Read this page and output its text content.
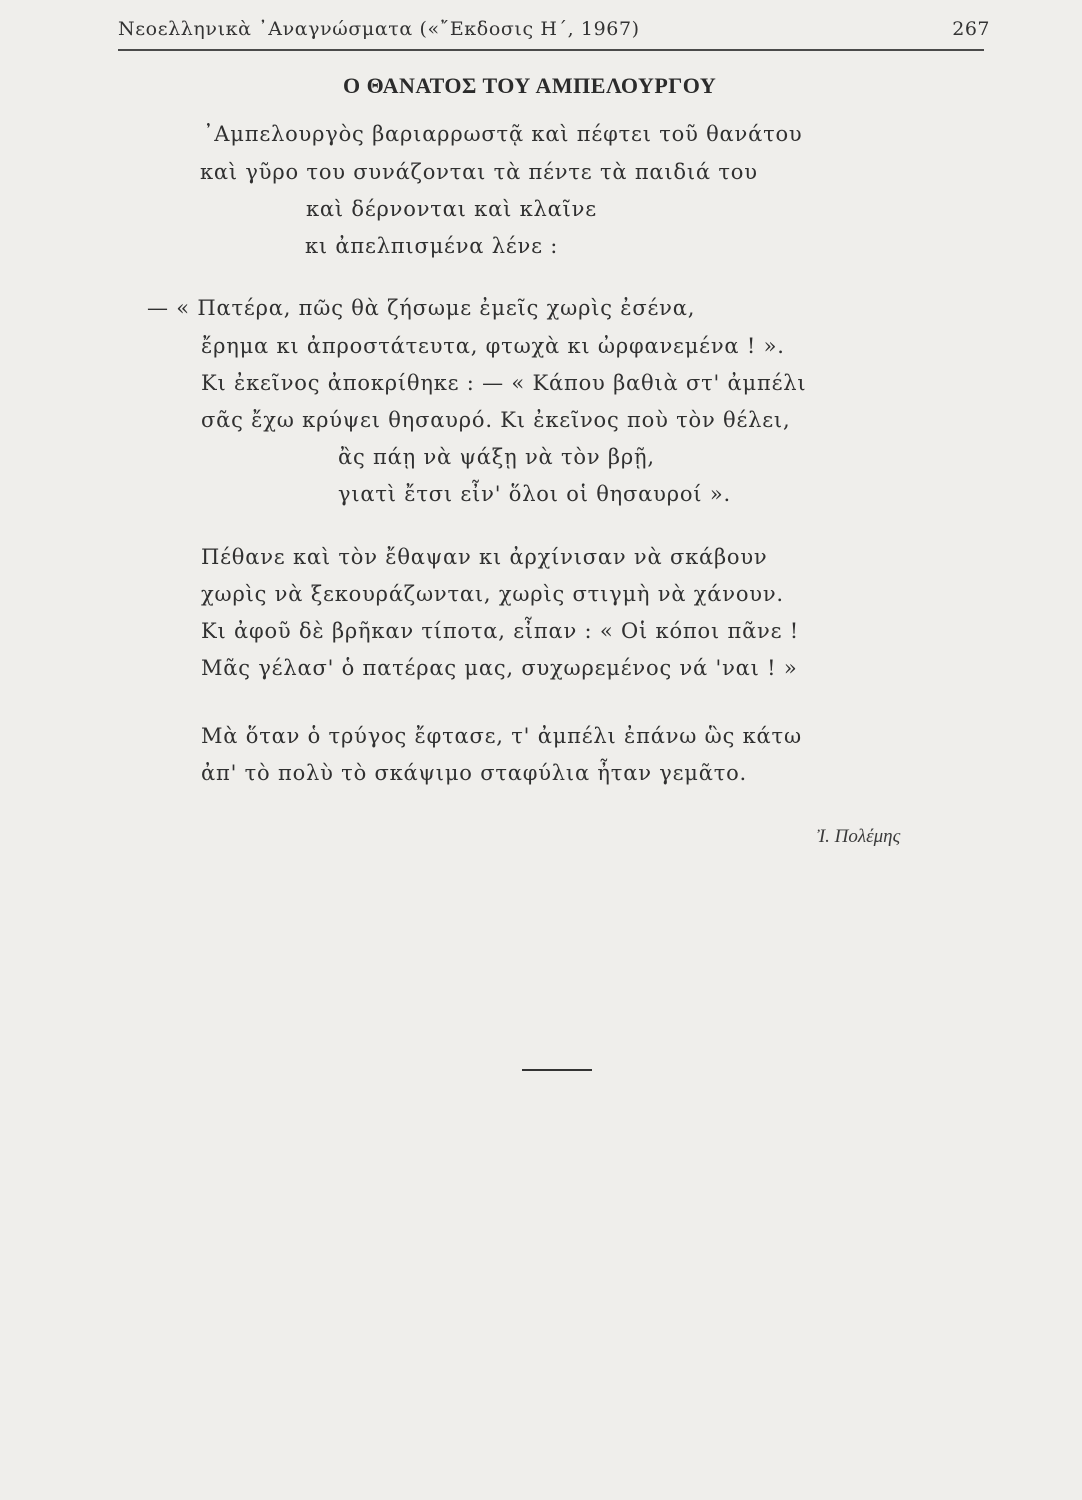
Νεοελληνικὰ ᾿Αναγνώσματα («῎Εκδοσις Η΄, 1967)	267
Ο ΘΑΝΑΤΟΣ ΤΟΥ ΑΜΠΕΛΟΥΡΓΟΥ
᾿Αμπελουργὸς βαριαρρωστᾷ καὶ πέφτει τοῦ θανάτου
καὶ γῦρο του συνάζονται τὰ πέντε τὰ παιδιά του
καὶ δέρνονται καὶ κλαῖνε
κι ἀπελπισμένα λένε :
— « Πατέρα, πῶς θὰ ζήσωμε ἐμεῖς χωρὶς ἐσένα,
ἔρημα κι ἀπροστάτευτα, φτωχὰ κι ὠρφανεμένα ! ».
Κι ἐκεῖνος ἀποκρίθηκε : — « Κάπου βαθιὰ στ' ἀμπέλι
σᾶς ἔχω κρύψει θησαυρό. Κι ἐκεῖνος ποὺ τὸν θέλει,
ἂς πάῃ νὰ ψάξῃ νὰ τὸν βρῇ,
γιατὶ ἔτσι εἶν' ὅλοι οἱ θησαυροί ».
Πέθανε καὶ τὸν ἔθαψαν κι ἀρχίνισαν νὰ σκάβουν
χωρὶς νὰ ξεκουράζωνται, χωρὶς στιγμὴ νὰ χάνουν.
Κι ἀφοῦ δὲ βρῆκαν τίποτα, εἶπαν : « Οἱ κόποι πᾶνε !
Μᾶς γέλασ' ὁ πατέρας μας, συχωρεμένος νά 'ναι ! »
Μὰ ὅταν ὁ τρύγος ἔφτασε, τ' ἀμπέλι ἐπάνω ὣς κάτω
ἀπ' τὸ πολὺ τὸ σκάψιμο σταφύλια ἦταν γεμᾶτο.
Ἰ. Πολέμης
